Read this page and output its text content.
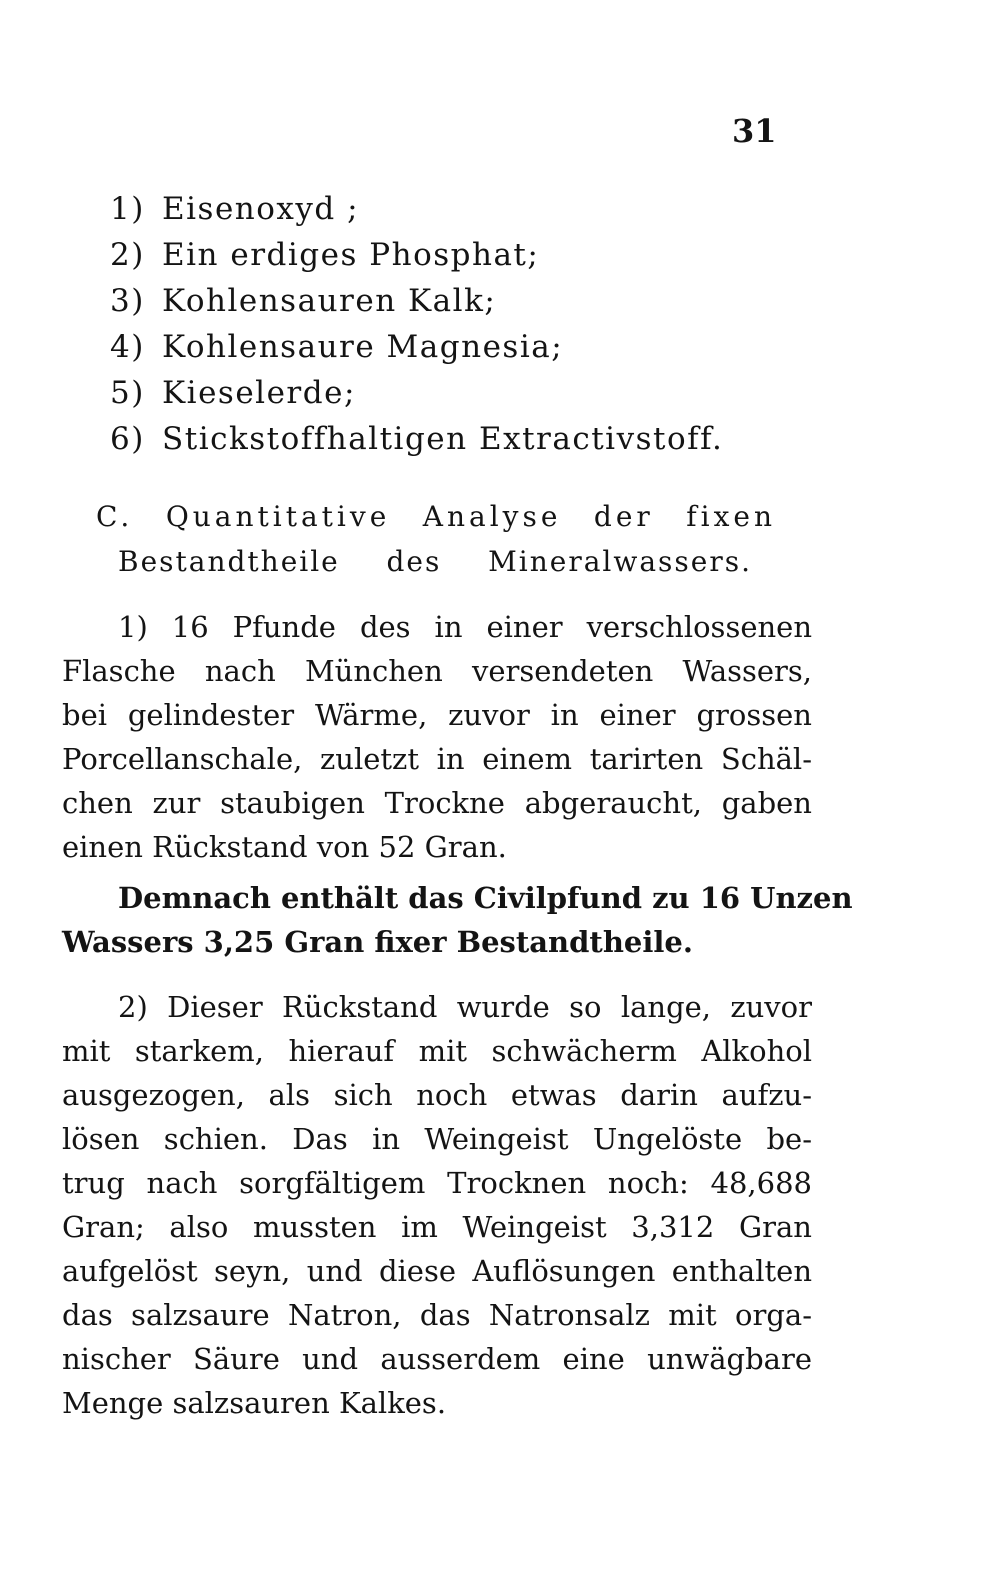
31
1) Eisenoxyd ;
2) Ein erdiges Phosphat;
3) Kohlensauren Kalk;
4) Kohlensaure Magnesia;
5) Kieselerde;
6) Stickstoffhaltigen Extractivstoff.
C. Quantitative Analyse der fixen
Bestandtheile des Mineralwassers.
1) 16 Pfunde des in einer verschlossenen
Flasche nach München versendeten Wassers,
bei gelindester Wärme, zuvor in einer grossen
Porcellanschale, zuletzt in einem tarirten Schäl-
chen zur staubigen Trockne abgeraucht, gaben
einen Rückstand von 52 Gran.
Demnach enthält das Civilpfund zu 16 Unzen
Wassers 3,25 Gran fixer Bestandtheile.
2) Dieser Rückstand wurde so lange, zuvor
mit starkem, hierauf mit schwächerm Alkohol
ausgezogen, als sich noch etwas darin aufzu-
lösen schien. Das in Weingeist Ungelöste be-
trug nach sorgfältigem Trocknen noch: 48,688
Gran; also mussten im Weingeist 3,312 Gran
aufgelöst seyn, und diese Auflösungen enthalten
das salzsaure Natron, das Natronsalz mit orga-
nischer Säure und ausserdem eine unwägbare
Menge salzsauren Kalkes.
